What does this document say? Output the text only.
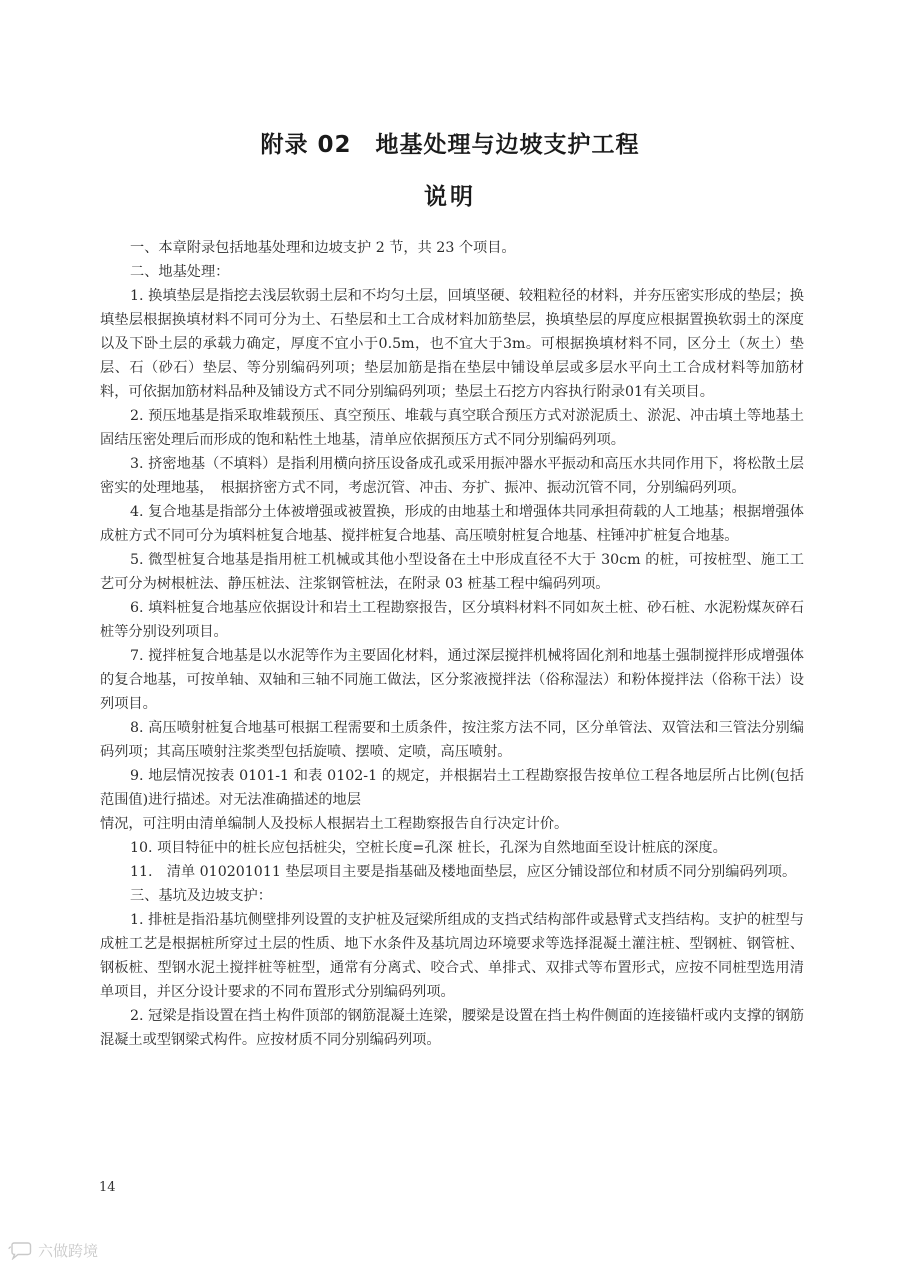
附录 02　地基处理与边坡支护工程
说明

一、本章附录包括地基处理和边坡支护 2 节，共 23 个项目。

二、地基处理：

1. 换填垫层是指挖去浅层软弱土层和不均匀土层，回填坚硬、较粗粒径的材料，并夯压密实形成的垫层；换填垫层根据换填材料不同可分为土、石垫层和土工合成材料加筋垫层，换填垫层的厚度应根据置换软弱土的深度以及下卧土层的承载力确定，厚度不宜小于0.5m，也不宜大于3m。可根据换填材料不同，区分土（灰土）垫层、石（砂石）垫层、等分别编码列项；垫层加筋是指在垫层中铺设单层或多层水平向土工合成材料等加筋材料，可依据加筋材料品种及铺设方式不同分别编码列项；垫层土石挖方内容执行附录01有关项目。

2. 预压地基是指采取堆载预压、真空预压、堆载与真空联合预压方式对淤泥质土、淤泥、冲击填土等地基土固结压密处理后而形成的饱和粘性土地基，清单应依据预压方式不同分别编码列项。

3. 挤密地基（不填料）是指利用横向挤压设备成孔或采用振冲器水平振动和高压水共同作用下，将松散土层密实的处理地基，　根据挤密方式不同，考虑沉管、冲击、夯扩、振冲、振动沉管不同，分别编码列项。

4. 复合地基是指部分土体被增强或被置换，形成的由地基土和增强体共同承担荷载的人工地基；根据增强体成桩方式不同可分为填料桩复合地基、搅拌桩复合地基、高压喷射桩复合地基、柱锤冲扩桩复合地基。

5. 微型桩复合地基是指用桩工机械或其他小型设备在土中形成直径不大于 30cm 的桩，可按桩型、施工工艺可分为树根桩法、静压桩法、注浆钢管桩法，在附录 03 桩基工程中编码列项。

6. 填料桩复合地基应依据设计和岩土工程勘察报告，区分填料材料不同如灰土桩、砂石桩、水泥粉煤灰碎石桩等分别设列项目。

7. 搅拌桩复合地基是以水泥等作为主要固化材料，通过深层搅拌机械将固化剂和地基土强制搅拌形成增强体的复合地基，可按单轴、双轴和三轴不同施工做法，区分浆液搅拌法（俗称湿法）和粉体搅拌法（俗称干法）设列项目。

8. 高压喷射桩复合地基可根据工程需要和土质条件，按注浆方法不同，区分单管法、双管法和三管法分别编码列项；其高压喷射注浆类型包括旋喷、摆喷、定喷，高压喷射。

9. 地层情况按表 0101-1 和表 0102-1 的规定，并根据岩土工程勘察报告按单位工程各地层所占比例(包括范围值)进行描述。对无法准确描述的地层

情况，可注明由清单编制人及投标人根据岩土工程勘察报告自行决定计价。

10. 项目特征中的桩长应包括桩尖，空桩长度=孔深 桩长，孔深为自然地面至设计桩底的深度。

11.　清单 010201011 垫层项目主要是指基础及楼地面垫层，应区分铺设部位和材质不同分别编码列项。

三、基坑及边坡支护：

1. 排桩是指沿基坑侧壁排列设置的支护桩及冠梁所组成的支挡式结构部件或悬臂式支挡结构。支护的桩型与成桩工艺是根据桩所穿过土层的性质、地下水条件及基坑周边环境要求等选择混凝土灌注桩、型钢桩、钢管桩、钢板桩、型钢水泥土搅拌桩等桩型，通常有分离式、咬合式、单排式、双排式等布置形式，应按不同桩型选用清单项目，并区分设计要求的不同布置形式分别编码列项。

2. 冠梁是指设置在挡土构件顶部的钢筋混凝土连梁，腰梁是设置在挡土构件侧面的连接锚杆或内支撑的钢筋混凝土或型钢梁式构件。应按材质不同分别编码列项。

14
六做跨境
